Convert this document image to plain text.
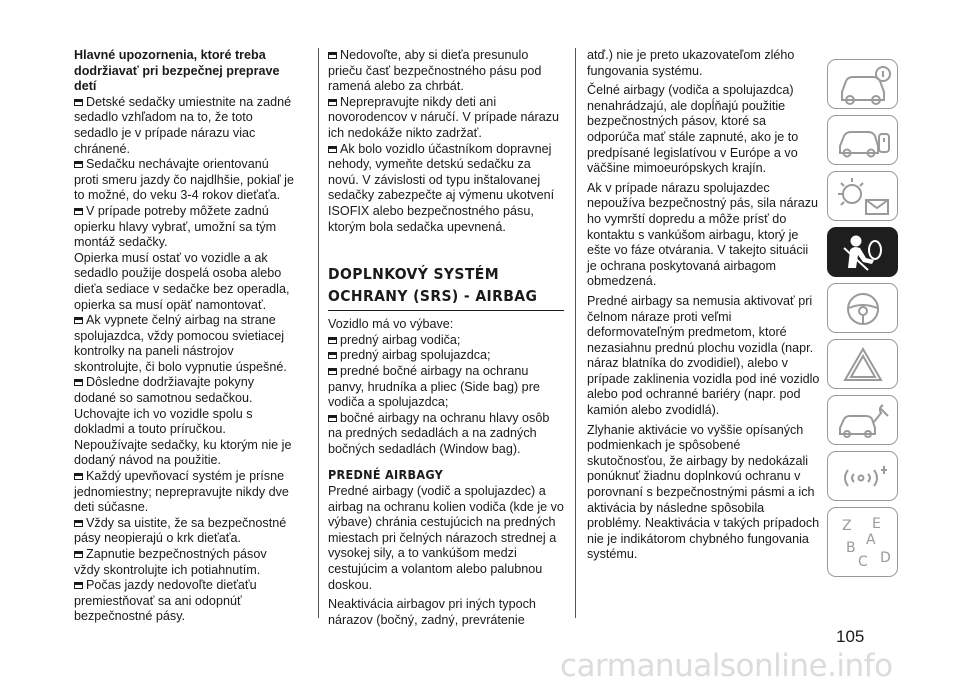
Hlavné upozornenia, ktoré treba dodržiavať pri bezpečnej preprave detí

Detské sedačky umiestnite na zadné sedadlo vzhľadom na to, že toto sedadlo je v prípade nárazu viac chránené.

Sedačku nechávajte orientovanú proti smeru jazdy čo najdlhšie, pokiaľ je to možné, do veku 3-4 rokov dieťaťa.

V prípade potreby môžete zadnú opierku hlavy vybrať, umožní sa tým montáž sedačky.

Opierka musí ostať vo vozidle a ak sedadlo použije dospelá osoba alebo dieťa sediace v sedačke bez operadla, opierka sa musí opäť namontovať.

Ak vypnete čelný airbag na strane spolujazdca, vždy pomocou svietiacej kontrolky na paneli nástrojov skontrolujte, či bolo vypnutie úspešné.

Dôsledne dodržiavajte pokyny dodané so samotnou sedačkou. Uchovajte ich vo vozidle spolu s dokladmi a touto príručkou. Nepoužívajte sedačky, ku ktorým nie je dodaný návod na použitie.

Každý upevňovací systém je prísne jednomiestny; neprepravujte nikdy dve deti súčasne.

Vždy sa uistite, že sa bezpečnostné pásy neopierajú o krk dieťaťa.

Zapnutie bezpečnostných pásov vždy skontrolujte ich potiahnutím.

Počas jazdy nedovoľte dieťaťu premiestňovať sa ani odopnúť bezpečnostné pásy.

Nedovoľte, aby si dieťa presunulo prieču časť bezpečnostného pásu pod ramená alebo za chrbát.

Neprepravujte nikdy deti ani novorodencov v náručí. V prípade nárazu ich nedokáže nikto zadržať.

Ak bolo vozidlo účastníkom dopravnej nehody, vymeňte detskú sedačku za novú. V závislosti od typu inštalovanej sedačky zabezpečte aj výmenu ukotvení ISOFIX alebo bezpečnostného pásu, ktorým bola sedačka upevnená.

DOPLNKOVÝ SYSTÉM
OCHRANY (SRS) - AIRBAG

Vozidlo má vo výbave:

predný airbag vodiča;

predný airbag spolujazdca;

predné bočné airbagy na ochranu panvy, hrudníka a pliec (Side bag) pre vodiča a spolujazdca;

bočné airbagy na ochranu hlavy osôb na predných sedadlách a na zadných bočných sedadlách (Window bag).

PREDNÉ AIRBAGY

Predné airbagy (vodič a spolujazdec) a airbag na ochranu kolien vodiča (kde je vo výbave) chránia cestujúcich na predných miestach pri čelných nárazoch strednej a vysokej sily, a to vankúšom medzi cestujúcim a volantom alebo palubnou doskou.

Neaktivácia airbagov pri iných typoch nárazov (bočný, zadný, prevrátenie

atď.) nie je preto ukazovateľom zlého fungovania systému.

Čelné airbagy (vodiča a spolujazdca) nenahrádzajú, ale dopĺňajú použitie bezpečnostných pásov, ktoré sa odporúča mať stále zapnuté, ako je to predpísané legislatívou v Európe a vo väčšine mimoeurópskych krajín.

Ak v prípade nárazu spolujazdec nepoužíva bezpečnostný pás, sila nárazu ho vymrští dopredu a môže prísť do kontaktu s vankúšom airbagu, ktorý je ešte vo fáze otvárania. V takejto situácii je ochrana poskytovaná airbagom obmedzená.

Predné airbagy sa nemusia aktivovať pri čelnom náraze proti veľmi deformovateľným predmetom, ktoré nezasiahnu prednú plochu vozidla (napr. náraz blatníka do zvodidiel), alebo v prípade zaklinenia vozidla pod iné vozidlo alebo pod ochranné bariéry (napr. pod kamión alebo zvodidlá).

Zlyhanie aktivácie vo vyššie opísaných podmienkach je spôsobené skutočnosťou, že airbagy by nedokázali ponúknuť žiadnu doplnkovú ochranu v porovnaní s bezpečnostnými pásmi a ich aktivácia by následne spôsobila problémy. Neaktivácia v takých prípadoch nie je indikátorom chybného fungovania systému.

Z E
A
B
C D
105
carmanualsonline.info
